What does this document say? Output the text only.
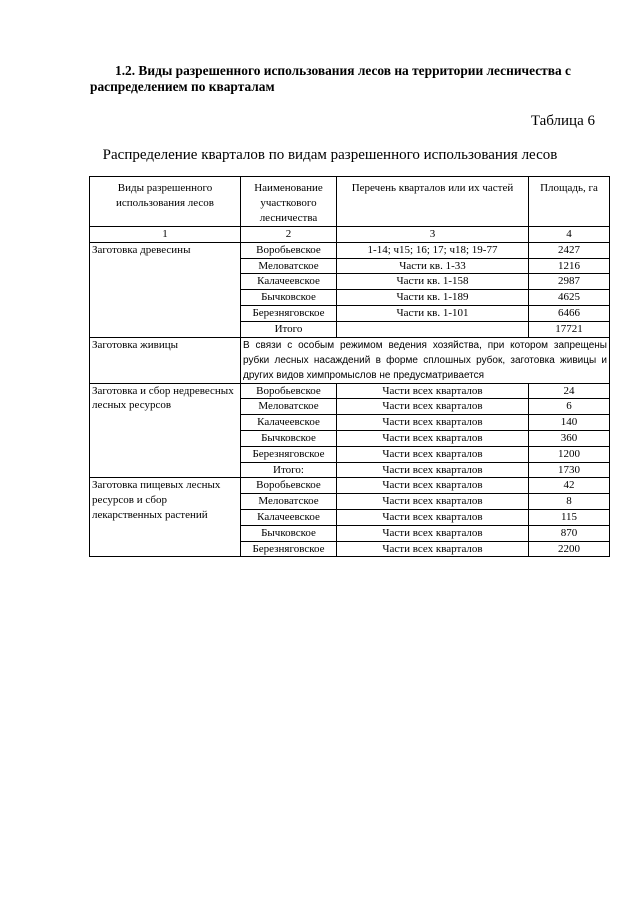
1.2. Виды разрешенного использования лесов на территории лесничества с распределением по кварталам
Таблица 6
Распределение кварталов по видам разрешенного использования лесов
Виды разрешенного использования лесов	Наименование участкового лесничества	Перечень кварталов или их частей	Площадь, га
1	2	3	4
Заготовка древесины	Воробьевское	1-14; ч15; 16; 17; ч18; 19-77	2427
	Меловатское	Части кв. 1-33	1216
	Калачеевское	Части кв. 1-158	2987
	Бычковское	Части кв. 1-189	4625
	Березняговское	Части кв. 1-101	6466
	Итого		17721
Заготовка живицы	В связи с особым режимом ведения хозяйства, при котором запрещены рубки лесных насаждений в форме сплошных рубок, заготовка живицы и других видов химпромыслов не предусматривается		
Заготовка и сбор недревесных лесных ресурсов	Воробьевское	Части всех кварталов	24
	Меловатское	Части всех кварталов	6
	Калачеевское	Части всех кварталов	140
	Бычковское	Части всех кварталов	360
	Березняговское	Части всех кварталов	1200
	Итого:	Части всех кварталов	1730
Заготовка пищевых лесных ресурсов и сбор лекарственных растений	Воробьевское	Части всех кварталов	42
	Меловатское	Части всех кварталов	8
	Калачеевское	Части всех кварталов	115
	Бычковское	Части всех кварталов	870
	Березняговское	Части всех кварталов	2200
